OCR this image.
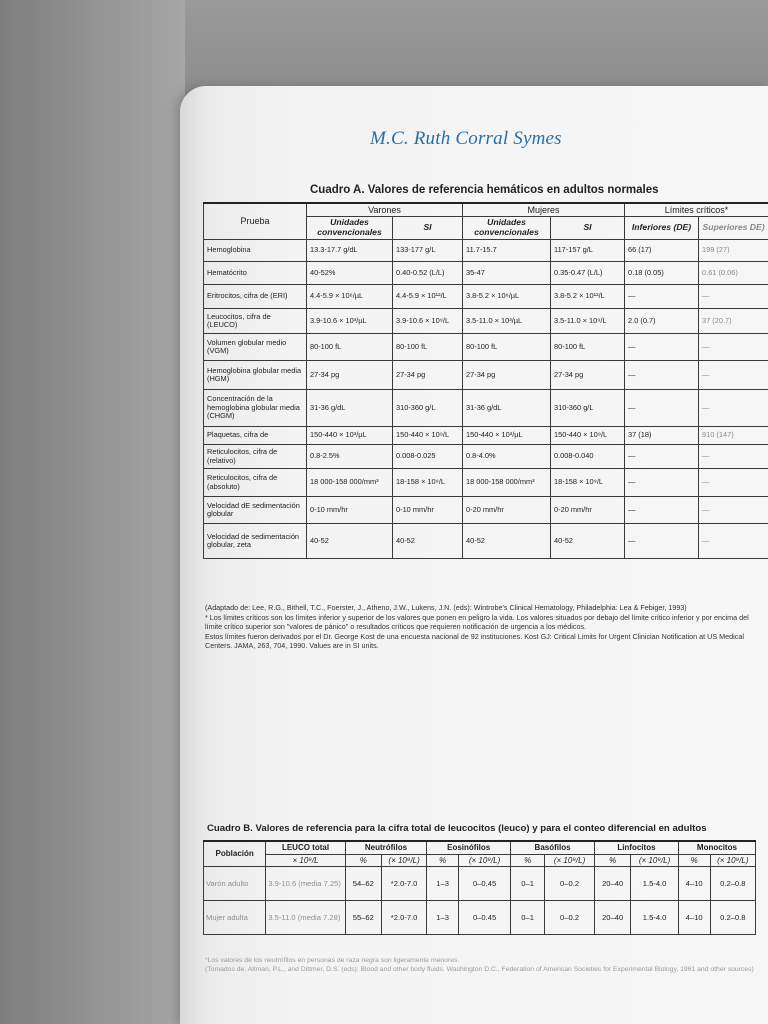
M.C. Ruth Corral Symes
Cuadro A. Valores de referencia hemáticos en adultos normales
Prueba	Varones		Mujeres		Límites críticos*	
	Unidades convencionales	SI	Unidades convencionales	SI	Inferiores (DE)	Superiores DE)
Hemoglobina	13.3-17.7 g/dL	133-177 g/L	11.7-15.7	117-157 g/L	66 (17)	199 (27)
Hematócrito	40-52%	0.40-0.52 (L/L)	35-47	0.35-0.47 (L/L)	0.18 (0.05)	0.61 (0.06)
Eritrocitos, cifra de (ERI)	4.4-5.9 × 10⁶/µL	4.4-5.9 × 10¹²/L	3.8-5.2 × 10⁶/µL	3.8-5.2 × 10¹²/L	—	—
Leucocitos, cifra de (LEUCO)	3.9-10.6 × 10³/µL	3.9-10.6 × 10⁹/L	3.5-11.0 × 10³/µL	3.5-11.0 × 10⁹/L	2.0 (0.7)	37 (20.7)
Volumen globular medio (VGM)	80-100 fL	80-100 fL	80-100 fL	80-100 fL	—	—
Hemoglobina globular media (HGM)	27-34 pg	27-34 pg	27-34 pg	27-34 pg	—	—
Concentración de la hemoglobina globular media (CHGM)	31-36 g/dL	310-360 g/L	31-36 g/dL	310-360 g/L	—	—
Plaquetas, cifra de	150-440 × 10³/µL	150-440 × 10⁹/L	150-440 × 10³/µL	150-440 × 10⁹/L	37 (18)	910 (147)
Reticulocitos, cifra de (relativo)	0.8-2.5%	0.008-0.025	0.8-4.0%	0.008-0.040	—	—
Reticulocitos, cifra de (absoluto)	18 000-158 000/mm³	18-158 × 10⁹/L	18 000-158 000/mm³	18-158 × 10⁹/L	—	—
Velocidad dE sedimentación globular	0-10 mm/hr	0-10 mm/hr	0-20 mm/hr	0-20 mm/hr	—	—
Velocidad de sedimentación globular, zeta	40-52	40-52	40-52	40-52	—	—
(Adaptado de: Lee, R.G., Bithell, T.C., Foerster, J., Atheno, J.W., Lukens, J.N. (eds): Wintrobe's Clinical Hematology, Philadelphia: Lea & Febiger, 1993)
* Los límites críticos son los límites inferior y superior de los valores que ponen en peligro la vida. Los valores situados por debajo del límite crítico inferior y por encima del límite crítico superior son "valores de pánico" o resultados críticos que requieren notificación de urgencia a los médicos.
Estos límites fueron derivados por el Dr. George Kost de una encuesta nacional de 92 instituciones. Kost GJ: Critical Limits for Urgent Clinician Notification at US Medical Centers. JAMA, 263, 704, 1990. Values are in SI units.
Cuadro B. Valores de referencia para la cifra total de leucocitos (leuco) y para el conteo diferencial en adultos
Población	LEUCO total	Neutrófilos		Eosinófilos		Basófilos		Linfocitos		Monocitos	
	× 10⁹/L	%	(× 10⁹/L)	%	(× 10⁹/L)	%	(× 10⁹/L)	%	(× 10⁹/L)	%	(× 10⁹/L)
Varón adulto	3.9-10.6 (media 7.25)	54–62	*2.0-7.0	1–3	0–0.45	0–1	0–0.2	20–40	1.5-4.0	4–10	0.2–0.8
Mujer adulta	3.5-11.0 (media 7.28)	55–62	*2.0-7.0	1–3	0–0.45	0–1	0–0.2	20–40	1.5-4.0	4–10	0.2–0.8
*Los valores de los neutrófilos en personas de raza negra son ligeramente menores.
(Tomados de: Altman, P.L., and Dittmer, D.S. (eds): Blood and other body fluids. Washington D.C., Federation of American Societies for Experimental Biology, 1961 and other sources)
